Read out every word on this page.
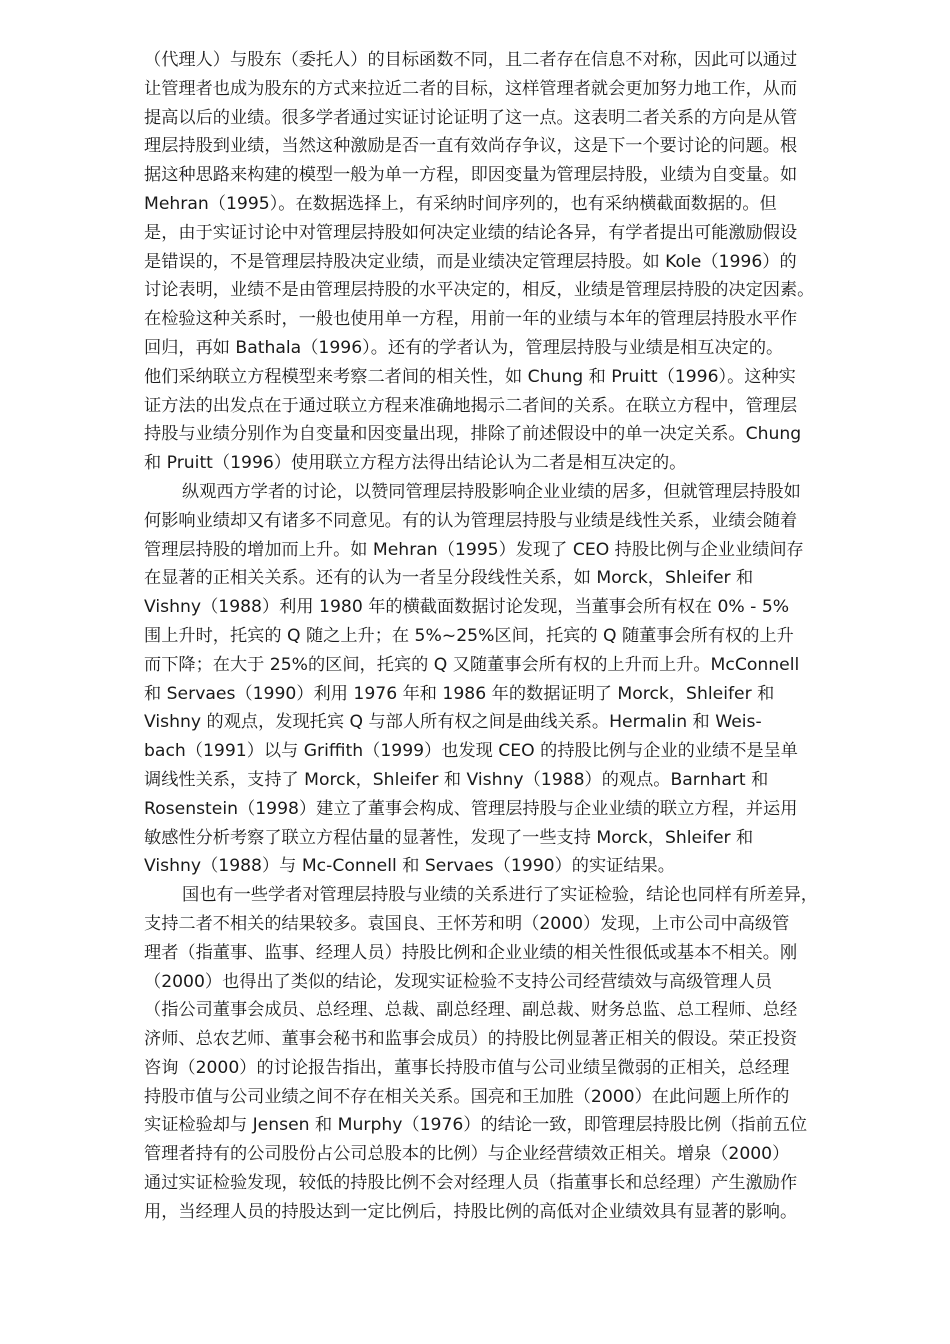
（代理人）与股东（委托人）的目标函数不同，且二者存在信息不对称，因此可以通过
让管理者也成为股东的方式来拉近二者的目标，这样管理者就会更加努力地工作，从而
提高以后的业绩。很多学者通过实证讨论证明了这一点。这表明二者关系的方向是从管
理层持股到业绩，当然这种激励是否一直有效尚存争议，这是下一个要讨论的问题。根
据这种思路来构建的模型一般为单一方程，即因变量为管理层持股，业绩为自变量。如
Mehran（1995）。在数据选择上，有采纳时间序列的，也有采纳横截面数据的。但
是，由于实证讨论中对管理层持股如何决定业绩的结论各异，有学者提出可能激励假设
是错误的，不是管理层持股决定业绩，而是业绩决定管理层持股。如 Kole（1996）的
讨论表明，业绩不是由管理层持股的水平决定的，相反，业绩是管理层持股的决定因素。
在检验这种关系时，一般也使用单一方程，用前一年的业绩与本年的管理层持股水平作
回归，再如 Bathala（1996）。还有的学者认为，管理层持股与业绩是相互决定的。
他们采纳联立方程模型来考察二者间的相关性，如 Chung 和 Pruitt（1996）。这种实
证方法的出发点在于通过联立方程来准确地揭示二者间的关系。在联立方程中，管理层
持股与业绩分别作为自变量和因变量出现，排除了前述假设中的单一决定关系。Chung
和 Pruitt（1996）使用联立方程方法得出结论认为二者是相互决定的。
纵观西方学者的讨论，以赞同管理层持股影响企业业绩的居多，但就管理层持股如
何影响业绩却又有诸多不同意见。有的认为管理层持股与业绩是线性关系，业绩会随着
管理层持股的增加而上升。如 Mehran（1995）发现了 CEO 持股比例与企业业绩间存
在显著的正相关关系。还有的认为一者呈分段线性关系，如 Morck，Shleifer 和
Vishny（1988）利用 1980 年的横截面数据讨论发现，当董事会所有权在 0% - 5%
围上升时，托宾的 Q 随之上升；在 5%~25%区间，托宾的 Q 随董事会所有权的上升
而下降；在大于 25%的区间，托宾的 Q 又随董事会所有权的上升而上升。McConnell
和 Servaes（1990）利用 1976 年和 1986 年的数据证明了 Morck，Shleifer 和
Vishny 的观点，发现托宾 Q 与部人所有权之间是曲线关系。Hermalin 和 Weis-
bach（1991）以与 Griffith（1999）也发现 CEO 的持股比例与企业的业绩不是呈单
调线性关系，支持了 Morck，Shleifer 和 Vishny（1988）的观点。Barnhart 和
Rosenstein（1998）建立了董事会构成、管理层持股与企业业绩的联立方程，并运用
敏感性分析考察了联立方程估量的显著性，发现了一些支持 Morck，Shleifer 和
Vishny（1988）与 Mc-Connell 和 Servaes（1990）的实证结果。
国也有一些学者对管理层持股与业绩的关系进行了实证检验，结论也同样有所差异，
支持二者不相关的结果较多。袁国良、王怀芳和明（2000）发现，上市公司中高级管
理者（指董事、监事、经理人员）持股比例和企业业绩的相关性很低或基本不相关。刚
（2000）也得出了类似的结论，发现实证检验不支持公司经营绩效与高级管理人员
（指公司董事会成员、总经理、总裁、副总经理、副总裁、财务总监、总工程师、总经
济师、总农艺师、董事会秘书和监事会成员）的持股比例显著正相关的假设。荣正投资
咨询（2000）的讨论报告指出，董事长持股市值与公司业绩呈微弱的正相关，总经理
持股市值与公司业绩之间不存在相关关系。国亮和王加胜（2000）在此问题上所作的
实证检验却与 Jensen 和 Murphy（1976）的结论一致，即管理层持股比例（指前五位
管理者持有的公司股份占公司总股本的比例）与企业经营绩效正相关。增泉（2000）
通过实证检验发现，较低的持股比例不会对经理人员（指董事长和总经理）产生激励作
用，当经理人员的持股达到一定比例后，持股比例的高低对企业绩效具有显著的影响。
